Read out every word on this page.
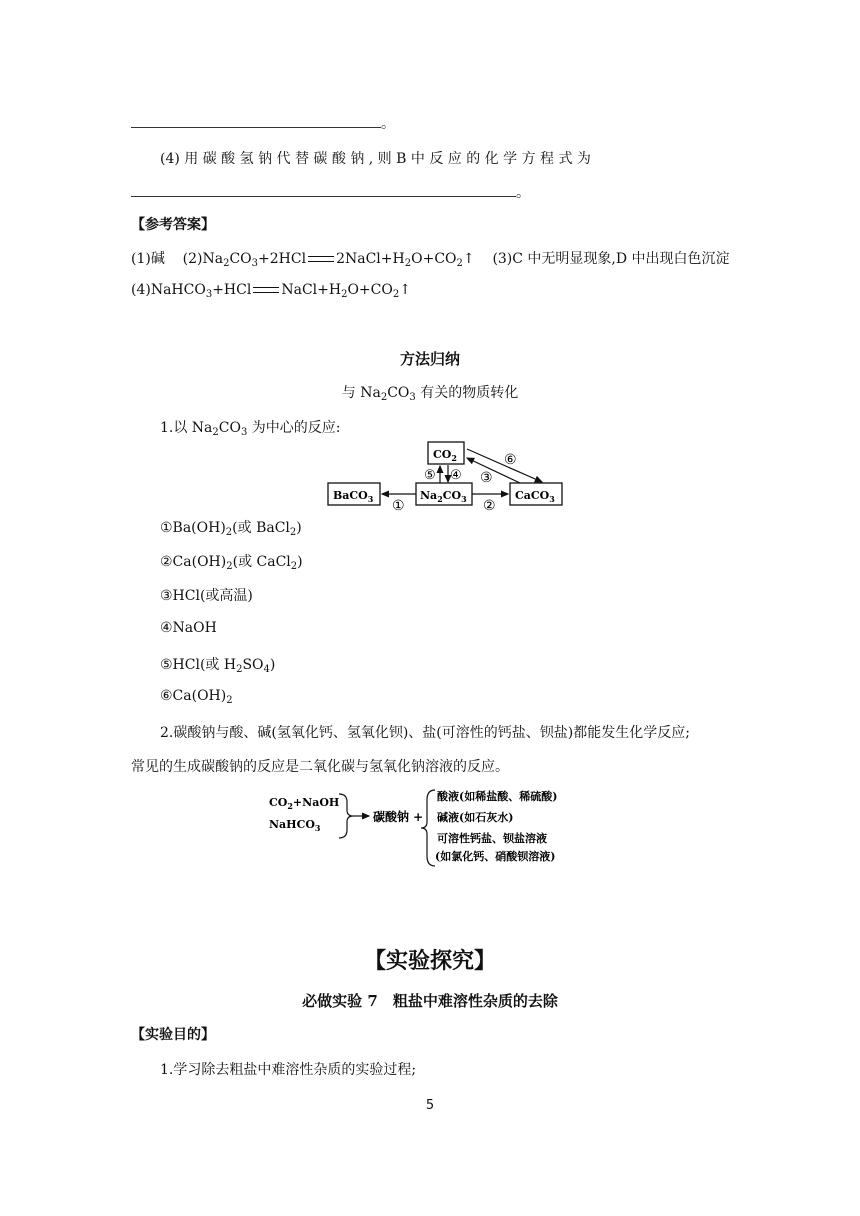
。
(4) 用 碳 酸 氢 钠 代 替 碳 酸 钠 , 则 B 中 反 应 的 化 学 方 程 式 为
。
【参考答案】
(1)碱 $(2)Na_2CO_3+2HCl$ $2NaCl+H_2O+CO_2↑$ (3)C 中无明显现象,D 中出现白色沉淀
(4)NaHCO$_3$+HCl $NaCl+H_2O+CO_2↑$
方法归纳
与 $Na_2CO_3$ 有关的物质转化
1.以 $Na_2CO_3$ 为中心的反应:
$CO_2$
BaCO$_3$	$Na_2CO_3$	CaCO$_3$
①	②
③
④
⑤
⑥
$①Ba(OH)_2$(或 BaCl$_2$)
$②Ca(OH)_2$(或 CaCl$_2$)
③HCl(或高温)
④NaOH
⑤HCl(或 $H_2SO_4$)
$⑥Ca(OH)_2$
2.碳酸钠与酸、碱(氢氧化钙、氢氧化钡)、盐(可溶性的钙盐、钡盐)都能发生化学反应;
常见的生成碳酸钠的反应是二氧化碳与氢氧化钠溶液的反应。
$CO_2+NaOH$
NaHCO$_3$
碳酸钠 +
酸液(如稀盐酸、稀硫酸)
碱液(如石灰水)
可溶性钙盐、钡盐溶液
(如氯化钙、硝酸钡溶液)
【实验探究】
必做实验 7　粗盐中难溶性杂质的去除
【实验目的】
1.学习除去粗盐中难溶性杂质的实验过程;
5
